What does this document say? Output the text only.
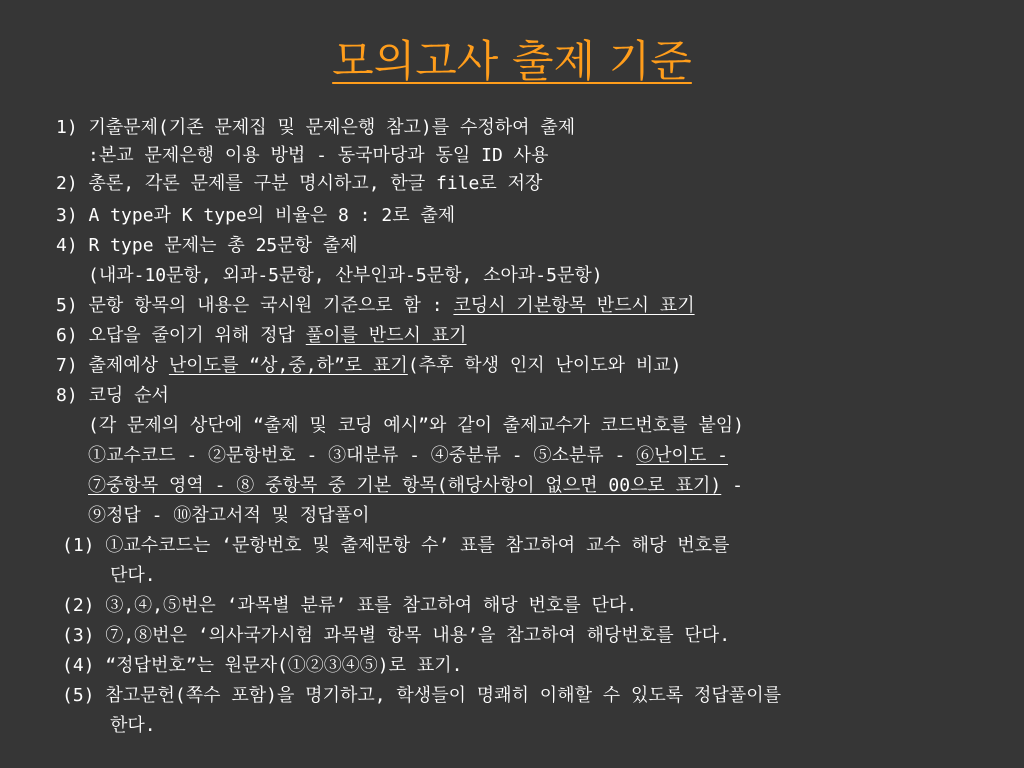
모의고사 출제 기준
1) 기출문제(기존 문제집 및 문제은행 참고)를 수정하여 출제
:본교 문제은행 이용 방법 - 동국마당과 동일 ID 사용
2) 총론, 각론 문제를 구분 명시하고, 한글 file로 저장
3) A type과 K type의 비율은 8 : 2로 출제
4) R type 문제는 총 25문항 출제
(내과-10문항, 외과-5문항, 산부인과-5문항, 소아과-5문항)
5) 문항 항목의 내용은 국시원 기준으로 함 : 코딩시 기본항목 반드시 표기
6) 오답을 줄이기 위해 정답 풀이를 반드시 표기
7) 출제예상 난이도를 “상,중,하”로 표기(추후 학생 인지 난이도와 비교)
8) 코딩 순서
(각 문제의 상단에 “출제 및 코딩 예시”와 같이 출제교수가 코드번호를 붙임)
①교수코드 - ②문항번호 - ③대분류 - ④중분류 - ⑤소분류 - ⑥난이도 -
⑦중항목 영역 - ⑧ 중항목 중 기본 항목(해당사항이 없으면 00으로 표기) -
⑨정답 - ⑩참고서적 및 정답풀이
(1) ①교수코드는 ‘문항번호 및 출제문항 수’ 표를 참고하여 교수 해당 번호를
단다.
(2) ③,④,⑤번은 ‘과목별 분류’ 표를 참고하여 해당 번호를 단다.
(3) ⑦,⑧번은 ‘의사국가시험 과목별 항목 내용’을 참고하여 해당번호를 단다.
(4) “정답번호”는 원문자(①②③④⑤)로 표기.
(5) 참고문헌(쪽수 포함)을 명기하고, 학생들이 명쾌히 이해할 수 있도록 정답풀이를
한다.
